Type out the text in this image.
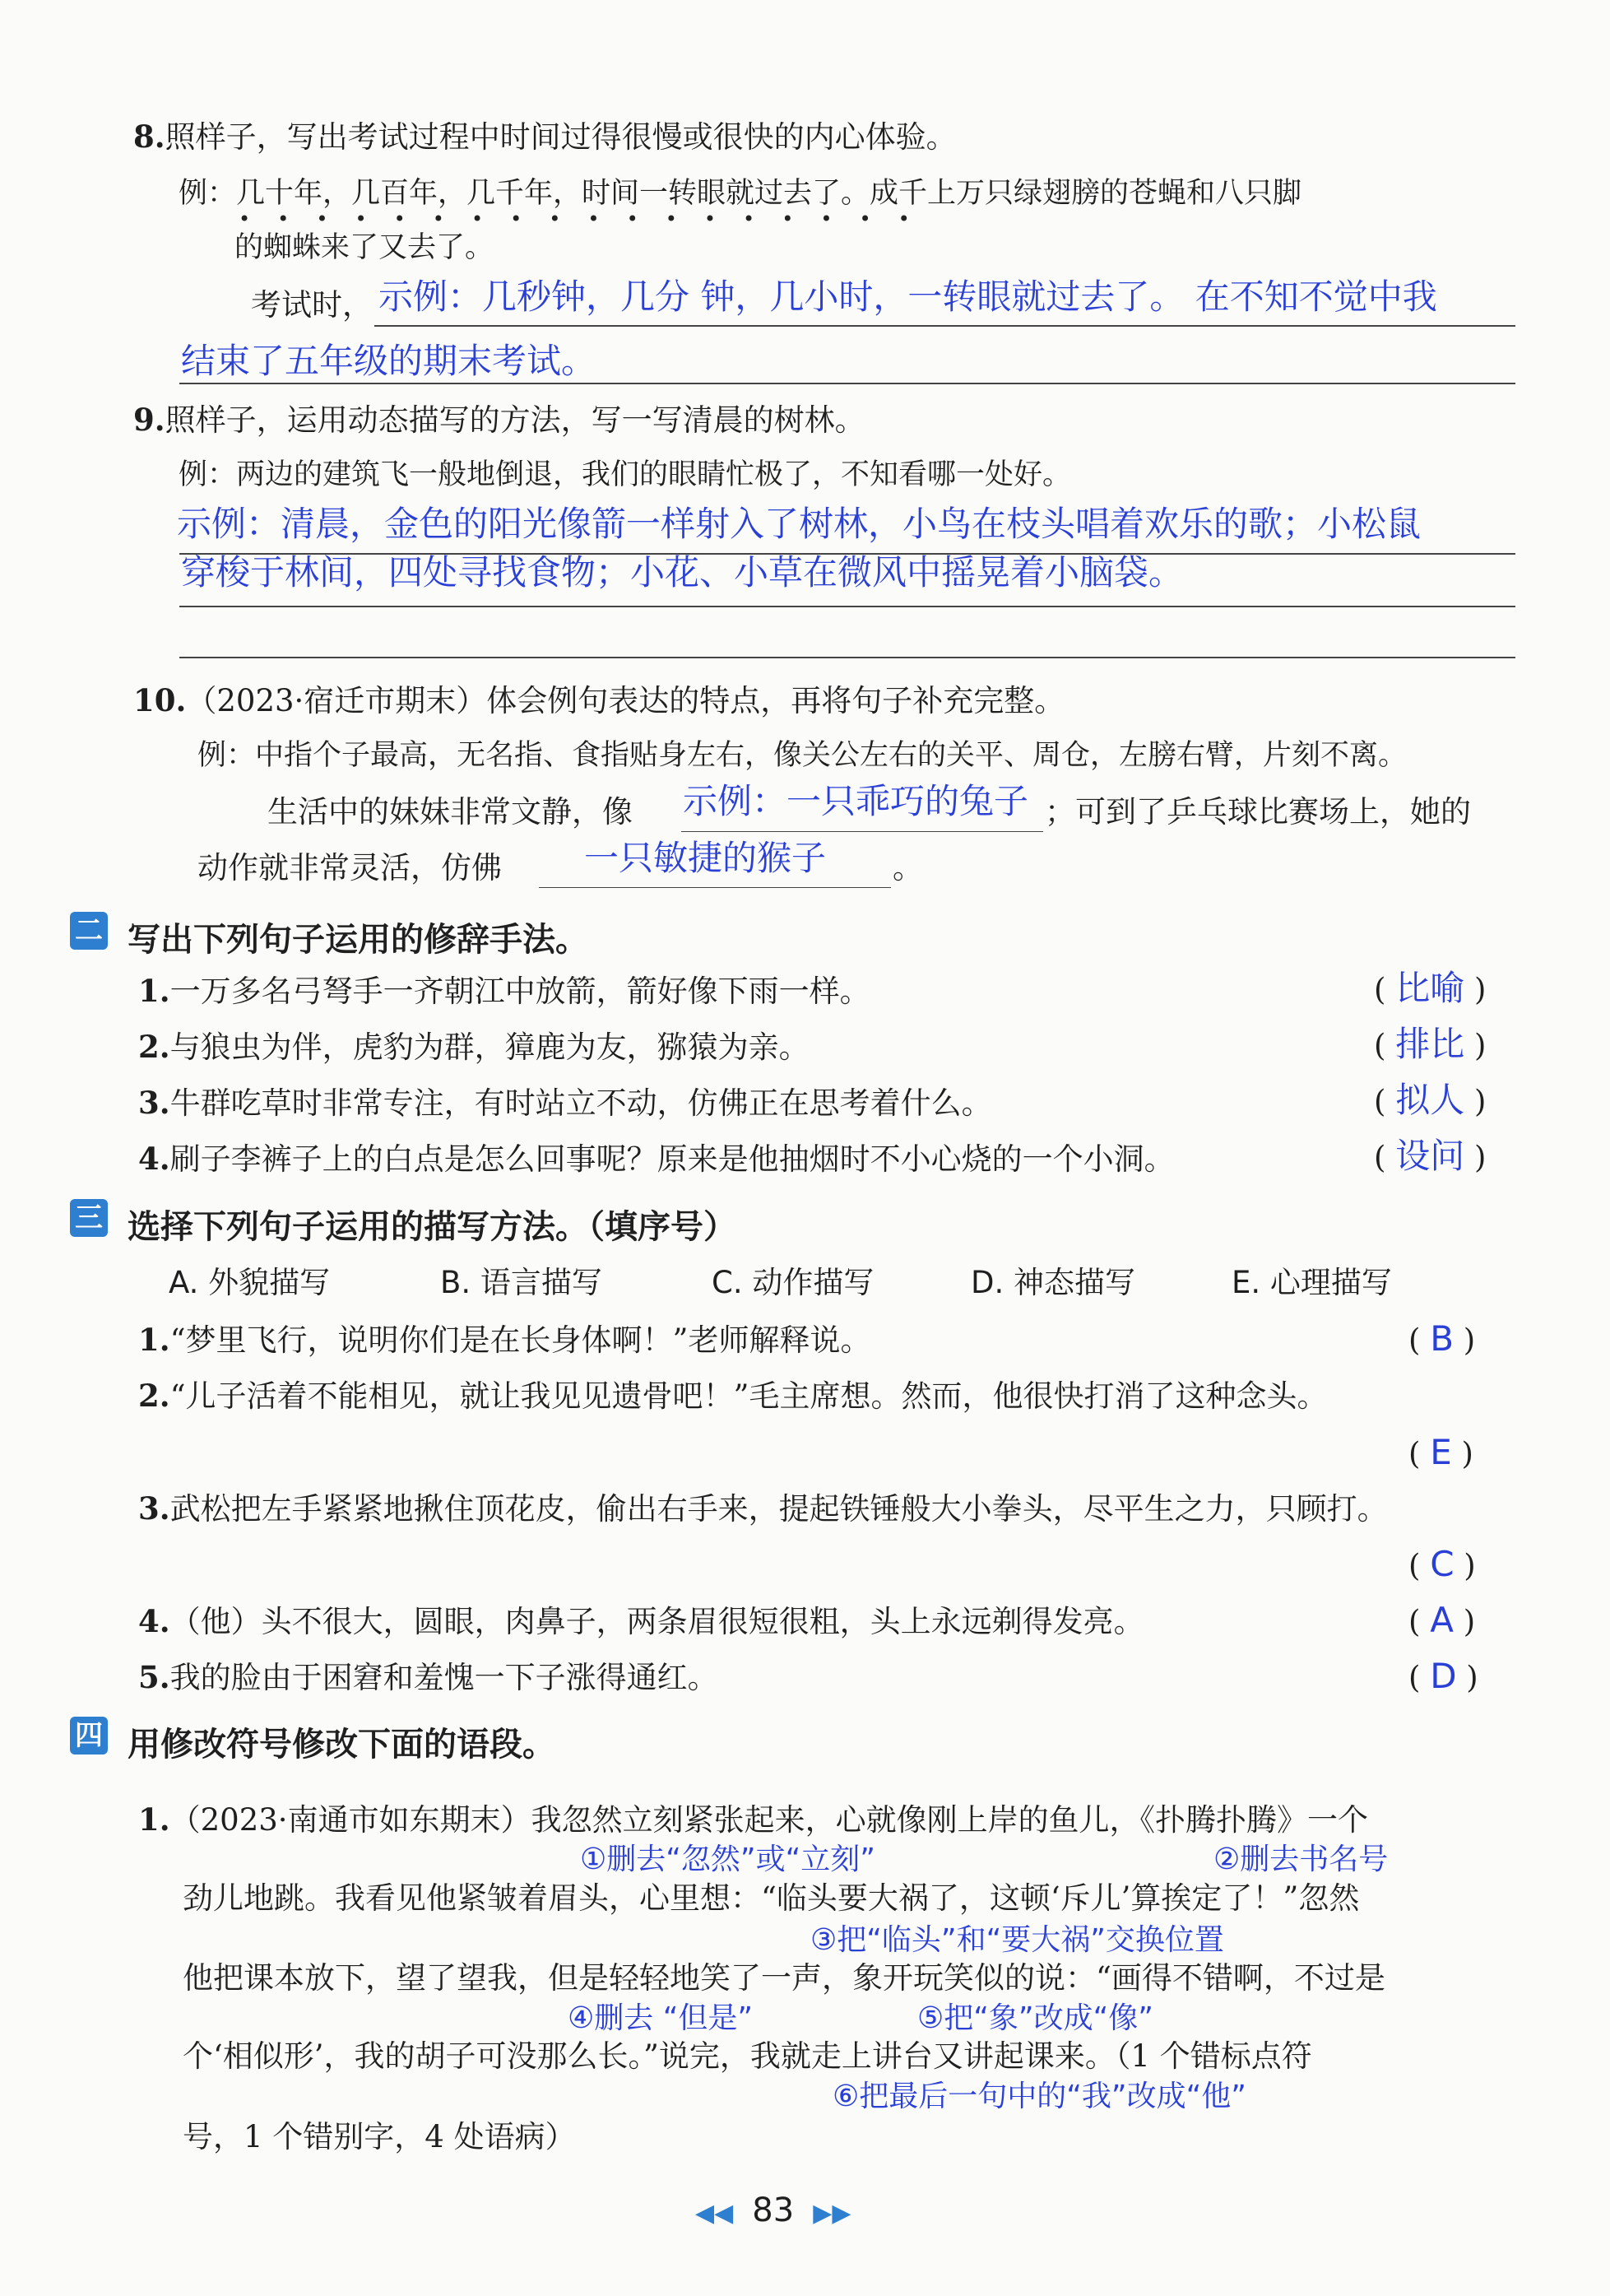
8.照样子，写出考试过程中时间过得很慢或很快的内心体验。
例：几十年，几百年，几千年，时间一转眼就过去了。成千上万只绿翅膀的苍蝇和八只脚
••••••••••••••••••
的蜘蛛来了又去了。
考试时， 示例：几秒钟，几分 钟，几小时，一转眼就过去了。 在不知不觉中我
结束了五年级的期末考试。
9.照样子，运用动态描写的方法，写一写清晨的树林。
例：两边的建筑飞一般地倒退，我们的眼睛忙极了，不知看哪一处好。
示例：清晨，金色的阳光像箭一样射入了树林，小鸟在枝头唱着欢乐的歌；小松鼠
穿梭于林间，四处寻找食物；小花、小草在微风中摇晃着小脑袋。
10.（2023·宿迁市期末）体会例句表达的特点，再将句子补充完整。
例：中指个子最高，无名指、食指贴身左右，像关公左右的关平、周仓，左膀右臂，片刻不离。
生活中的妹妹非常文静，像 示例：一只乖巧的兔子 ；可到了乒乓球比赛场上，她的
动作就非常灵活，仿佛 一只敏捷的猴子 。
二 写出下列句子运用的修辞手法。
1.一万多名弓弩手一齐朝江中放箭，箭好像下雨一样。	( 比喻 )
2.与狼虫为伴，虎豹为群，獐鹿为友，猕猿为亲。	( 排比 )
3.牛群吃草时非常专注，有时站立不动，仿佛正在思考着什么。	( 拟人 )
4.刷子李裤子上的白点是怎么回事呢？原来是他抽烟时不小心烧的一个小洞。	( 设问 )
三 选择下列句子运用的描写方法。（填序号）
A. 外貌描写	B. 语言描写	C. 动作描写	D. 神态描写	E. 心理描写
1.“梦里飞行，说明你们是在长身体啊！”老师解释说。	( B )
2.“儿子活着不能相见，就让我见见遗骨吧！”毛主席想。然而，他很快打消了这种念头。
( E )
3.武松把左手紧紧地揪住顶花皮，偷出右手来，提起铁锤般大小拳头，尽平生之力，只顾打。
( C )
4.（他）头不很大，圆眼，肉鼻子，两条眉很短很粗，头上永远剃得发亮。	( A )
5.我的脸由于困窘和羞愧一下子涨得通红。	( D )
四 用修改符号修改下面的语段。
1.（2023·南通市如东期末）我忽然立刻紧张起来，心就像刚上岸的鱼儿，《扑腾扑腾》一个
①删去“忽然”或“立刻”	②删去书名号
劲儿地跳。我看见他紧皱着眉头，心里想：“临头要大祸了，这顿‘斥儿’算挨定了！”忽然
③把“临头”和“要大祸”交换位置
他把课本放下，望了望我，但是轻轻地笑了一声，象开玩笑似的说：“画得不错啊，不过是
④删去 “但是”	⑤把“象”改成“像”
个‘相似形’，我的胡子可没那么长。”说完，我就走上讲台又讲起课来。（1 个错标点符
⑥把最后一句中的“我”改成“他”
号，1 个错别字，4 处语病）
◀◀ 83 ▶▶
